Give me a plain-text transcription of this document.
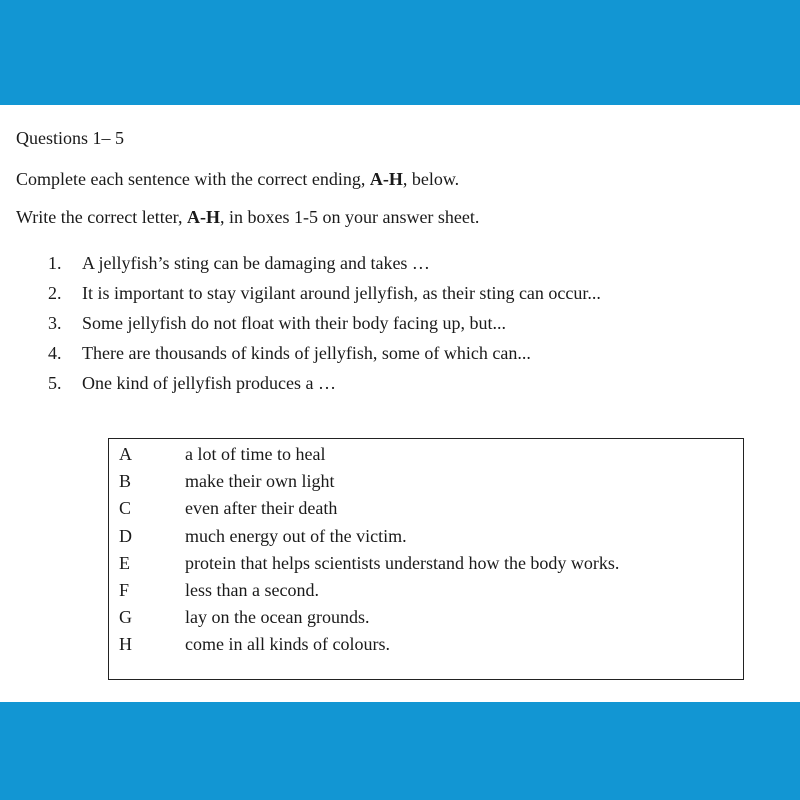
Questions 1– 5
Complete each sentence with the correct ending, A-H, below.
Write the correct letter, A-H, in boxes 1-5 on your answer sheet.
1. A jellyfish’s sting can be damaging and takes …
2. It is important to stay vigilant around jellyfish, as their sting can occur...
3. Some jellyfish do not float with their body facing up, but...
4. There are thousands of kinds of jellyfish, some of which can...
5. One kind of jellyfish produces a …
A	a lot of time to heal
B	make their own light
C	even after their death
D	much energy out of the victim.
E	protein that helps scientists understand how the body works.
F	less than a second.
G	lay on the ocean grounds.
H	come in all kinds of colours.
